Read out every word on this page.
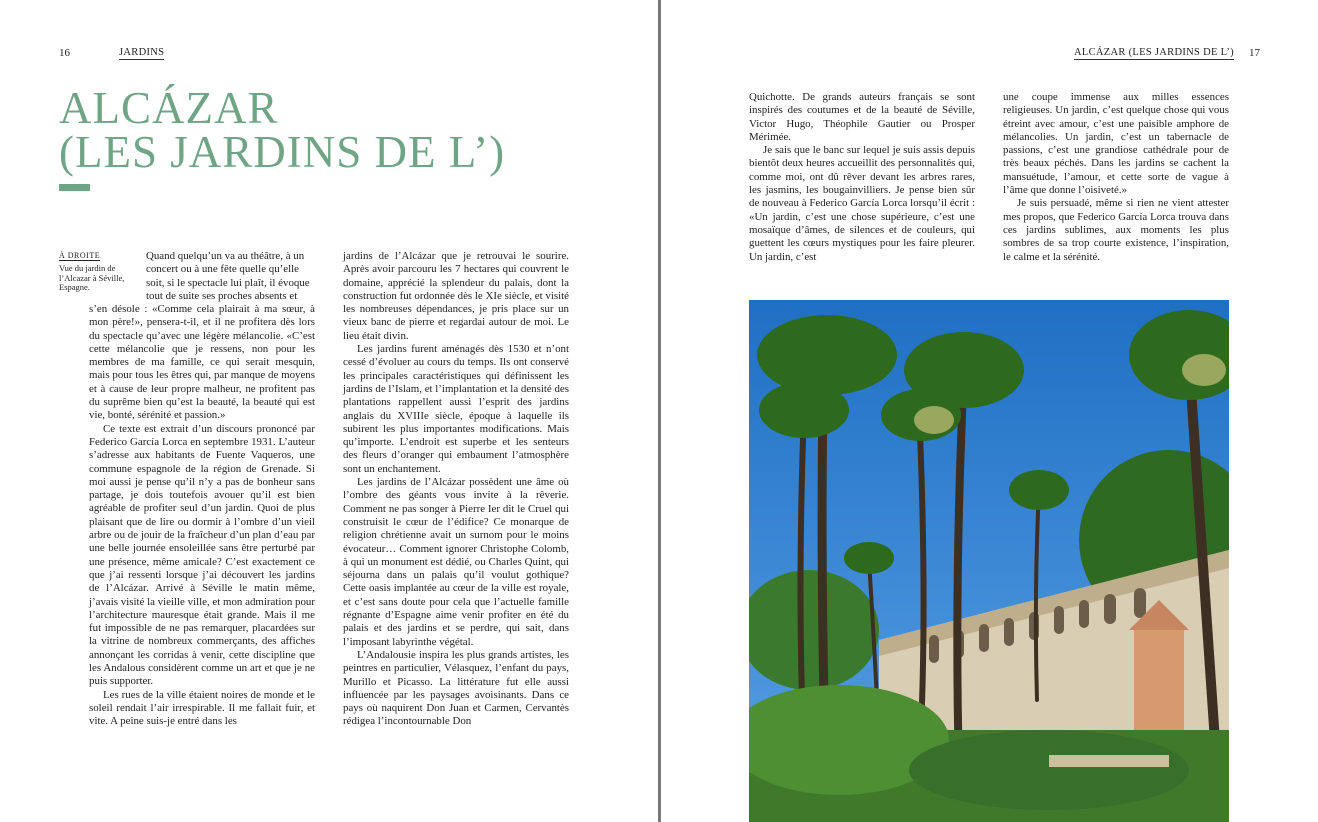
16	JARDINS
ALCÁZAR
(LES JARDINS DE L’)
À DROITE
Vue du jardin de l’Alcazar à Séville, Espagne.
Quand quelqu’un va au théâtre, à un
concert ou à une fête quelle qu’elle
soit, si le spectacle lui plaît, il évoque
tout de suite ses proches absents et

s’en désole : «Comme cela plairait à ma sœur, à mon père!», pensera-t-il, et il ne profitera dès lors du spectacle qu’avec une légère mélancolie. «C’est cette mélancolie que je ressens, non pour les membres de ma famille, ce qui serait mesquin, mais pour tous les êtres qui, par manque de moyens et à cause de leur propre malheur, ne profitent pas du suprême bien qu’est la beauté, la beauté qui est vie, bonté, sérénité et passion.»

Ce texte est extrait d’un discours prononcé par Federico García Lorca en septembre 1931. L’auteur s’adresse aux habitants de Fuente Vaqueros, une commune espagnole de la région de Grenade. Si moi aussi je pense qu’il n’y a pas de bonheur sans partage, je dois toutefois avouer qu’il est bien agréable de profiter seul d’un jardin. Quoi de plus plaisant que de lire ou dormir à l’ombre d’un vieil arbre ou de jouir de la fraîcheur d’un plan d’eau par une belle journée ensoleillée sans être perturbé par une présence, même amicale? C’est exactement ce que j’ai ressenti lorsque j’ai découvert les jardins de l’Alcázar. Arrivé à Séville le matin même, j’avais visité la vieille ville, et mon admiration pour l’architecture mauresque était grande. Mais il me fut impossible de ne pas remarquer, placardées sur la vitrine de nombreux commerçants, des affiches annonçant les corridas à venir, cette discipline que les Andalous considèrent comme un art et que je ne puis supporter.

Les rues de la ville étaient noires de monde et le soleil rendait l’air irrespirable. Il me fallait fuir, et vite. A peine suis-je entré dans les

jardins de l’Alcázar que je retrouvai le sourire. Après avoir parcouru les 7 hectares qui couvrent le domaine, apprécié la splendeur du palais, dont la construction fut ordonnée dès le XIe siècle, et visité les nombreuses dépendances, je pris place sur un vieux banc de pierre et regardai autour de moi. Le lieu était divin.

Les jardins furent aménagés dès 1530 et n’ont cessé d’évoluer au cours du temps. Ils ont conservé les principales caractéristiques qui définissent les jardins de l’Islam, et l’implantation et la densité des plantations rappellent aussi l’esprit des jardins anglais du XVIIIe siècle, époque à laquelle ils subirent les plus importantes modifications. Mais qu’importe. L’endroit est superbe et les senteurs des fleurs d’oranger qui embaument l’atmosphère sont un enchantement.

Les jardins de l’Alcázar possèdent une âme où l’ombre des géants vous invite à la rêverie. Comment ne pas songer à Pierre Ier dit le Cruel qui construisit le cœur de l’édifice? Ce monarque de religion chrétienne avait un surnom pour le moins évocateur… Comment ignorer Christophe Colomb, à qui un monument est dédié, ou Charles Quint, qui séjourna dans un palais qu’il voulut gothique? Cette oasis implantée au cœur de la ville est royale, et c’est sans doute pour cela que l’actuelle famille régnante d’Espagne aime venir profiter en été du palais et des jardins et se perdre, qui sait, dans l’imposant labyrinthe végétal.

L’Andalousie inspira les plus grands artistes, les peintres en particulier, Vélasquez, l’enfant du pays, Murillo et Picasso. La littérature fut elle aussi influencée par les paysages avoisinants. Dans ce pays où naquirent Don Juan et Carmen, Cervantès rédigea l’incontournable Don

ALCÁZAR (LES JARDINS DE L’) 17

Quichotte. De grands auteurs français se sont inspirés des coutumes et de la beauté de Séville, Victor Hugo, Théophile Gautier ou Prosper Mérimée.

Je sais que le banc sur lequel je suis assis depuis bientôt deux heures accueillit des personnalités qui, comme moi, ont dû rêver devant les arbres rares, les jasmins, les bougainvilliers. Je pense bien sûr de nouveau à Federico García Lorca lorsqu’il écrit : «Un jardin, c’est une chose supérieure, c’est une mosaïque d’âmes, de silences et de couleurs, qui guettent les cœurs mystiques pour les faire pleurer. Un jardin, c’est

une coupe immense aux milles essences religieuses. Un jardin, c’est quelque chose qui vous étreint avec amour, c’est une paisible amphore de mélancolies. Un jardin, c’est un tabernacle de passions, c’est une grandiose cathédrale pour de très beaux péchés. Dans les jardins se cachent la mansuétude, l’amour, et cette sorte de vague à l’âme que donne l’oisiveté.»

Je suis persuadé, même si rien ne vient attester mes propos, que Federico García Lorca trouva dans ces jardins sublimes, aux moments les plus sombres de sa trop courte existence, l’inspiration, le calme et la sérénité.
